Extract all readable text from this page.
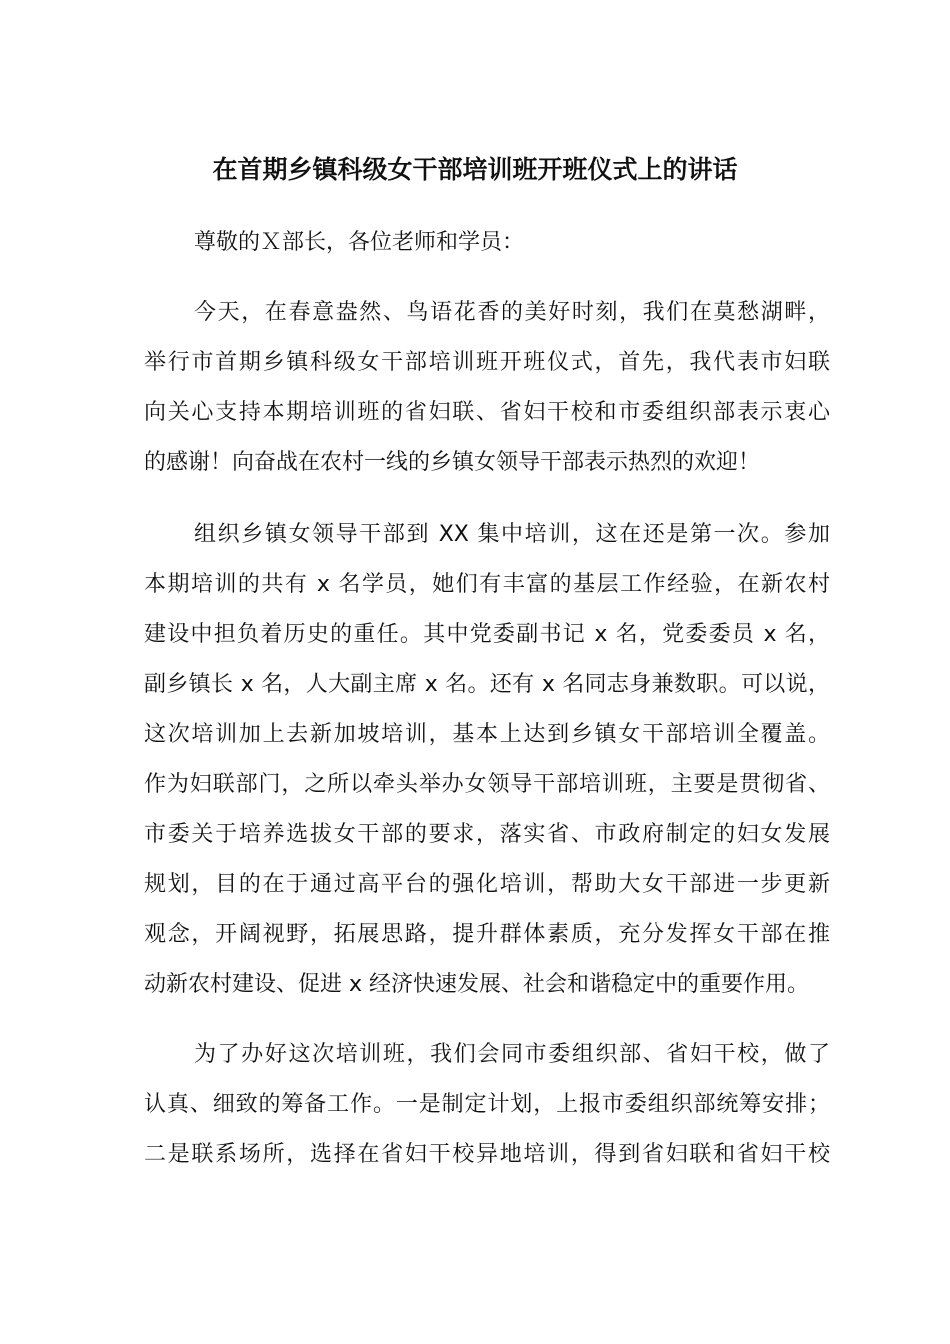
在首期乡镇科级女干部培训班开班仪式上的讲话
尊敬的Ｘ部长，各位老师和学员：
今天，在春意盎然、鸟语花香的美好时刻，我们在莫愁湖畔，
举行市首期乡镇科级女干部培训班开班仪式，首先，我代表市妇联
向关心支持本期培训班的省妇联、省妇干校和市委组织部表示衷心
的感谢！向奋战在农村一线的乡镇女领导干部表示热烈的欢迎！
组织乡镇女领导干部到 XX 集中培训，这在还是第一次。参加
本期培训的共有 x 名学员，她们有丰富的基层工作经验，在新农村
建设中担负着历史的重任。其中党委副书记 x 名，党委委员 x 名，
副乡镇长 x 名，人大副主席 x 名。还有 x 名同志身兼数职。可以说，
这次培训加上去新加坡培训，基本上达到乡镇女干部培训全覆盖。
作为妇联部门，之所以牵头举办女领导干部培训班，主要是贯彻省、
市委关于培养选拔女干部的要求，落实省、市政府制定的妇女发展
规划，目的在于通过高平台的强化培训，帮助大女干部进一步更新
观念，开阔视野，拓展思路，提升群体素质，充分发挥女干部在推
动新农村建设、促进 x 经济快速发展、社会和谐稳定中的重要作用。
为了办好这次培训班，我们会同市委组织部、省妇干校，做了
认真、细致的筹备工作。一是制定计划，上报市委组织部统筹安排；
二是联系场所，选择在省妇干校异地培训，得到省妇联和省妇干校
